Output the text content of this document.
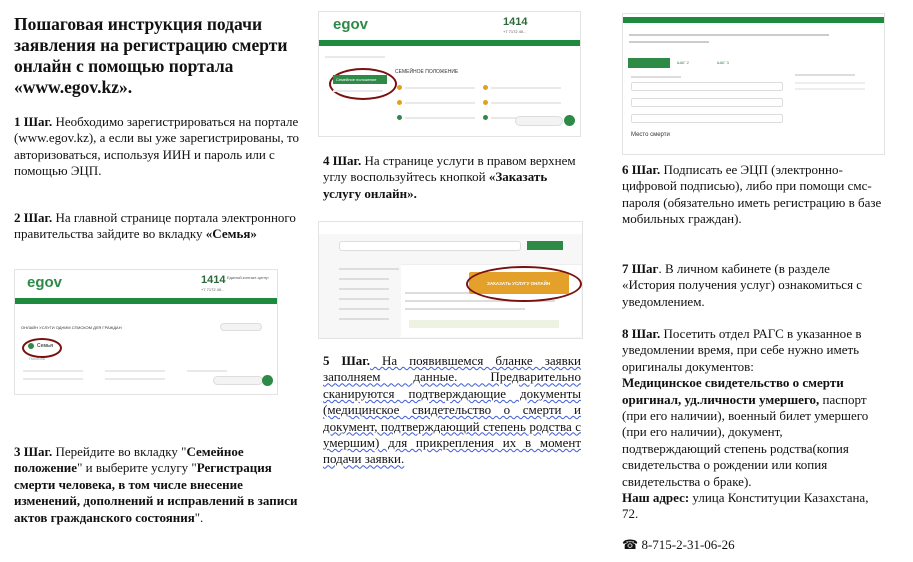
Пошаговая инструкция подачи заявления на регистрацию смерти онлайн с помощью портала «www.egov.kz».
1 Шаг. Необходимо зарегистрироваться на портале (www.egov.kz), а если вы уже зарегистрированы, то авторизоваться, используя ИИН и пароль или с помощью ЭЦП.
2 Шаг. На главной странице портала электронного правительства зайдите во вкладку «Семья»
egov	1414
+7 7172 40...
Единый контакт-центр
ОНЛАЙН УСЛУГИ ОДНИМ СПИСКОМ ДЛЯ ГРАЖДАН
Семья
Пособия
3 Шаг. Перейдите во вкладку "Семейное положение" и выберите услугу "Регистрация смерти человека, в том числе внесение изменений, дополнений и исправлений в записи актов гражданского состояния".
egov	1414
+7 7172 40...
Семейное положение
СЕМЕЙНОЕ ПОЛОЖЕНИЕ
4 Шаг. На странице услуги в правом верхнем углу воспользуйтесь кнопкой «Заказать услугу онлайн».
ЗАКАЗАТЬ УСЛУГУ ОНЛАЙН
5 Шаг. На появившемся бланке заявки заполняем данные. Предварительно сканируются подтверждающие документы (медицинское свидетельство о смерти и документ, подтверждающий степень родства с умершим) для прикрепления их в момент подачи заявки.
ШАГ 2	ШАГ 3
Место смерти
6 Шаг. Подписать ее ЭЦП (электронно-цифровой подписью), либо при помощи смс-пароля (обязательно иметь регистрацию в базе мобильных граждан).
7 Шаг. В личном кабинете (в разделе «История получения услуг) ознакомиться с уведомлением.
8 Шаг. Посетить отдел РАГС в указанное в уведомлении время, при себе нужно иметь оригиналы документов:
Медицинское свидетельство о смерти оригинал, уд.личности умершего, паспорт (при его наличии), военный билет умершего (при его наличии), документ, подтверждающий степень родства(копия свидетельства о рождении или копия свидетельства о браке).
Наш адрес: улица Конституции Казахстана, 72.
☎ 8-715-2-31-06-26
